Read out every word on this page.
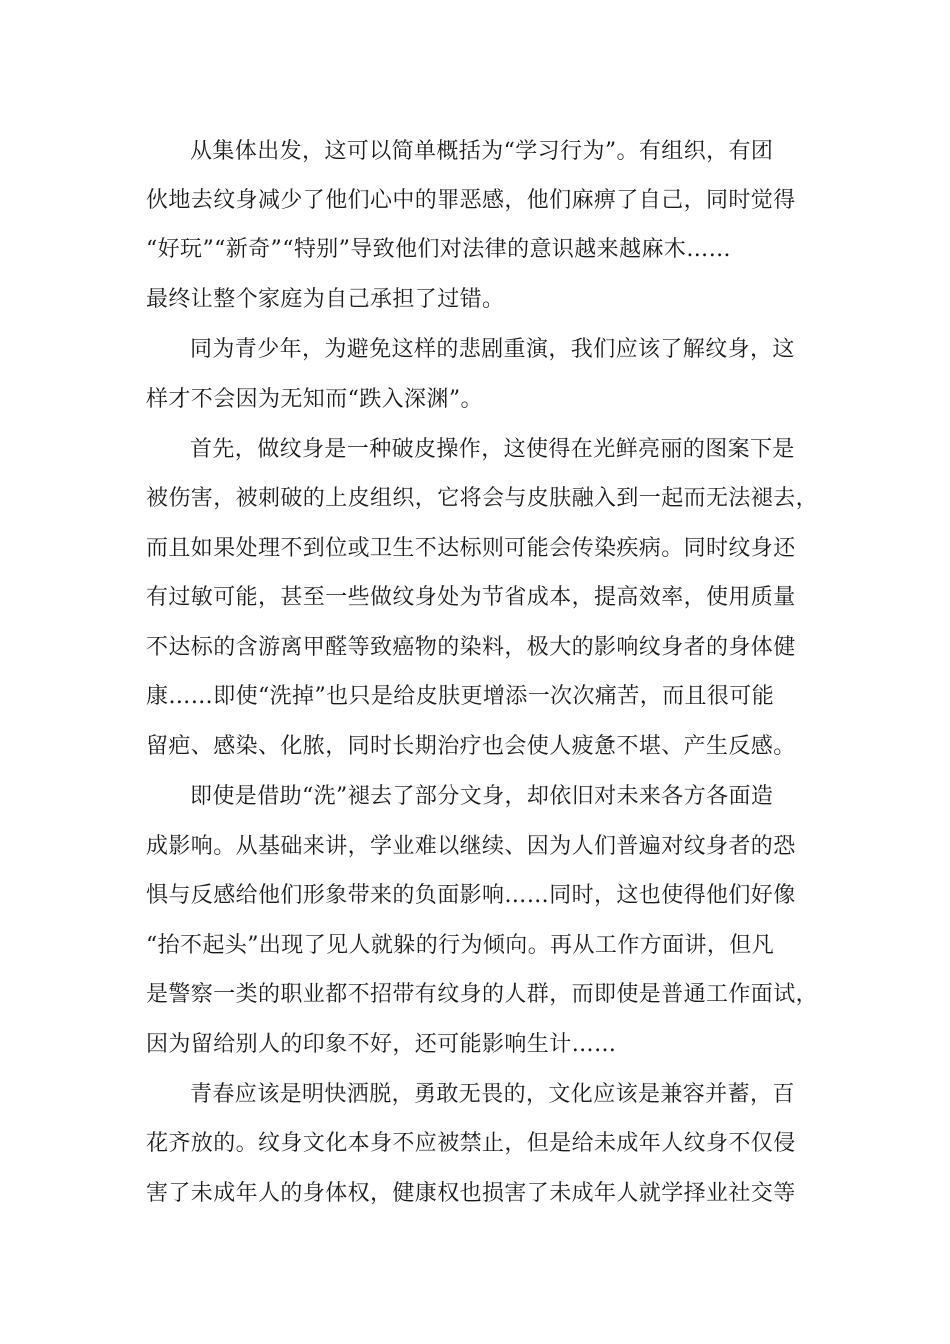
从集体出发，这可以简单概括为“学习行为”。有组织，有团
伙地去纹身减少了他们心中的罪恶感，他们麻痹了自己，同时觉得
“好玩”“新奇”“特别”导致他们对法律的意识越来越麻木……
最终让整个家庭为自己承担了过错。
同为青少年，为避免这样的悲剧重演，我们应该了解纹身，这
样才不会因为无知而“跌入深渊”。
首先，做纹身是一种破皮操作，这使得在光鲜亮丽的图案下是
被伤害，被刺破的上皮组织，它将会与皮肤融入到一起而无法褪去，
而且如果处理不到位或卫生不达标则可能会传染疾病。同时纹身还
有过敏可能，甚至一些做纹身处为节省成本，提高效率，使用质量
不达标的含游离甲醛等致癌物的染料，极大的影响纹身者的身体健
康……即使“洗掉”也只是给皮肤更增添一次次痛苦，而且很可能
留疤、感染、化脓，同时长期治疗也会使人疲惫不堪、产生反感。
即使是借助“洗”褪去了部分文身，却依旧对未来各方各面造
成影响。从基础来讲，学业难以继续、因为人们普遍对纹身者的恐
惧与反感给他们形象带来的负面影响……同时，这也使得他们好像
“抬不起头”出现了见人就躲的行为倾向。再从工作方面讲，但凡
是警察一类的职业都不招带有纹身的人群，而即使是普通工作面试，
因为留给别人的印象不好，还可能影响生计……
青春应该是明快洒脱，勇敢无畏的，文化应该是兼容并蓄，百
花齐放的。纹身文化本身不应被禁止，但是给未成年人纹身不仅侵
害了未成年人的身体权，健康权也损害了未成年人就学择业社交等
